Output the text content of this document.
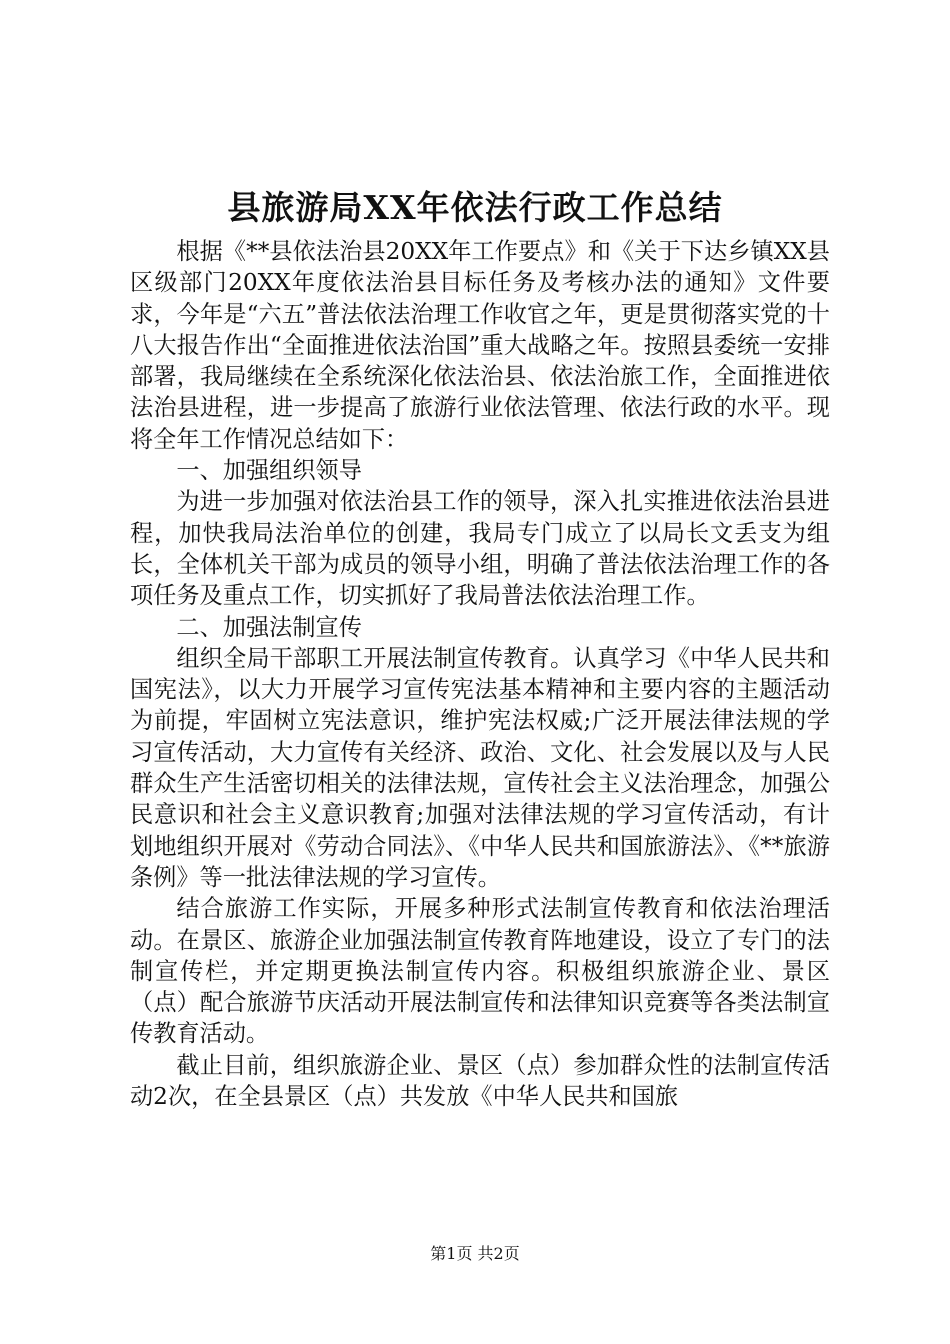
县旅游局XX年依法行政工作总结

根据《**县依法治县20XX年工作要点》和《关于下达乡镇XX县区级部门20XX年度依法治县目标任务及考核办法的通知》文件要求，今年是“六五”普法依法治理工作收官之年，更是贯彻落实党的十八大报告作出“全面推进依法治国”重大战略之年。按照县委统一安排部署，我局继续在全系统深化依法治县、依法治旅工作，全面推进依法治县进程，进一步提高了旅游行业依法管理、依法行政的水平。现将全年工作情况总结如下：

一、加强组织领导

为进一步加强对依法治县工作的领导，深入扎实推进依法治县进程，加快我局法治单位的创建，我局专门成立了以局长文丢支为组长，全体机关干部为成员的领导小组，明确了普法依法治理工作的各项任务及重点工作，切实抓好了我局普法依法治理工作。

二、加强法制宣传

组织全局干部职工开展法制宣传教育。认真学习《中华人民共和国宪法》，以大力开展学习宣传宪法基本精神和主要内容的主题活动为前提，牢固树立宪法意识，维护宪法权威;广泛开展法律法规的学习宣传活动，大力宣传有关经济、政治、文化、社会发展以及与人民群众生产生活密切相关的法律法规，宣传社会主义法治理念，加强公民意识和社会主义意识教育;加强对法律法规的学习宣传活动，有计划地组织开展对《劳动合同法》、《中华人民共和国旅游法》、《**旅游条例》等一批法律法规的学习宣传。

结合旅游工作实际，开展多种形式法制宣传教育和依法治理活动。在景区、旅游企业加强法制宣传教育阵地建设，设立了专门的法制宣传栏，并定期更换法制宣传内容。积极组织旅游企业、景区（点）配合旅游节庆活动开展法制宣传和法律知识竞赛等各类法制宣传教育活动。

截止目前，组织旅游企业、景区（点）参加群众性的法制宣传活动2次，在全县景区（点）共发放《中华人民共和国旅

第1页 共2页
